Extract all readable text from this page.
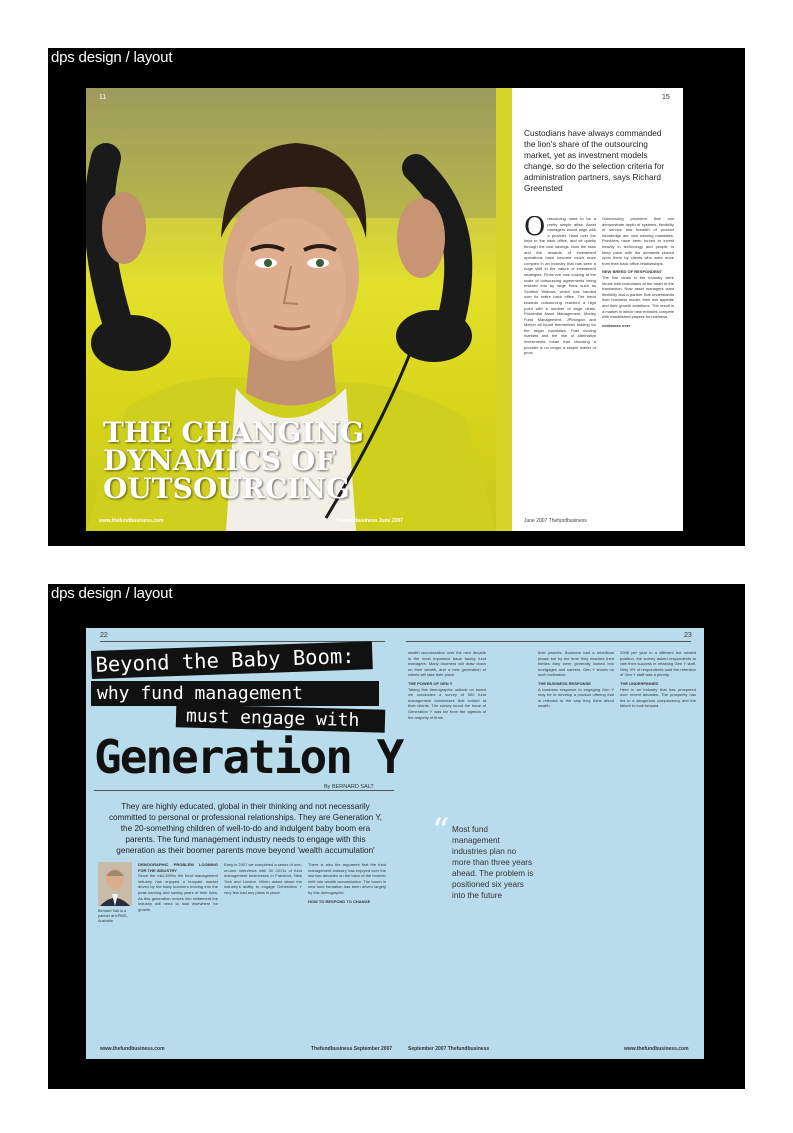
dps design / layout
11
THE CHANGING
DYNAMICS OF
OUTSOURCING
www.thefundbusiness.com	Thefundbusiness June 2007
15

Custodians have always commanded the lion's share of the outsourcing market, yet as investment models change, so do the selection criteria for administration partners, says Richard Greensted

O utsourcing used to be a pretty simple affair. Asset managers would align with a provider, hand over the keys to the back office, and sit quietly through the cost savings. Now the risks and the rewards of investment operations have become much more complex in an industry that has seen a huge shift in the nature of investment strategies. Firms are now looking at the scale of outsourcing agreements being entered into by large firms such as Scottish Widows, which has handed over its entire back office. The trend towards outsourcing reached a high point with a number of large deals. Prudential Asset Management, Morley Fund Management, JPMorgan and Mellon all found themselves bidding for the larger mandates. Fast moving markets and the rise of alternative investments mean that choosing a provider is no longer a simple matter of price.
Outsourcing providers that can demonstrate depth of systems, flexibility of service and breadth of product knowledge are now winning mandates. Providers have been forced to invest heavily in technology and people to keep pace with the demands placed upon them by clients who want more from their back office relationships.
NEW BREED OF RESPONDENT
The first deals in the industry were struck with custodians at the heart of the transaction. Now asset managers want flexibility and a partner that understands their business model, their risk appetite and their growth ambitions. The result is a market in which new entrants compete with established players for business.
continues over
June 2007 Thefundbusiness
dps design / layout
22	23
Beyond the Baby Boom:
why fund management
must engage with
Generation Y
By BERNARD SALT

They are highly educated, global in their thinking and not necessarily committed to personal or professional relationships. They are Generation Y, the 20-something children of well-to-do and indulgent baby boom era parents. The fund management industry needs to engage with this generation as their boomer parents move beyond 'wealth accumulation'

Bernard Salt is a partner at KPMG, Australia
DEMOGRAPHIC PROBLEM LOOMING FOR THE INDUSTRY
Since the mid-1990s the fund management industry has enjoyed a buoyant market driven by the baby boomers moving into the peak earning and saving years of their lives. As this generation moves into retirement the industry will need to look elsewhere for growth.
Early in 2007 we completed a series of one-on-one interviews with 30 CEOs of fund management businesses in Frankfurt, New York and London. When asked about the industry's ability to engage Generation Y very few had any plans in place.
There is also the argument that the fund management industry has enjoyed over the last two decades on the back of the boomer shift into wealth accumulation. The boom in new fund formation has been driven largely by this demographic.
HOW TO RESPOND TO CHANGE
wealth accumulation over the next decade is the most important issue facing fund managers. Many boomers will draw down on their wealth, and a new generation of clients will take their place.
THE POWER OF GEN Y
Taking this demographic outlook on board we conducted a survey of 500 fund management businesses that looked at their clients. The survey found the issue of Generation Y was far from the agenda of the majority of firms.
“ Most fund management industries plan no more than three years ahead. The problem is positioned six years into the future

their parents. Boomers had a rebellious phase but by the time they reached their thirties they were generally locked into mortgages and careers. Gen Y shows no such inclination.
THE BUSINESS RESPONSE
A business response to engaging Gen Y may be to develop a product offering that is relevant to the way they think about wealth.
2008 per year in a different but related position, the survey asked respondents to rate their success in retaining Gen Y staff. Only 4% of respondents said the retention of Gen Y staff was a priority.
THE UNDERPINNED
Here is an industry that has prospered over recent decades. The prosperity has led to a dangerous complacency and the failure to look forward.
www.thefundbusiness.com	Thefundbusiness September 2007	September 2007 Thefundbusiness	www.thefundbusiness.com
